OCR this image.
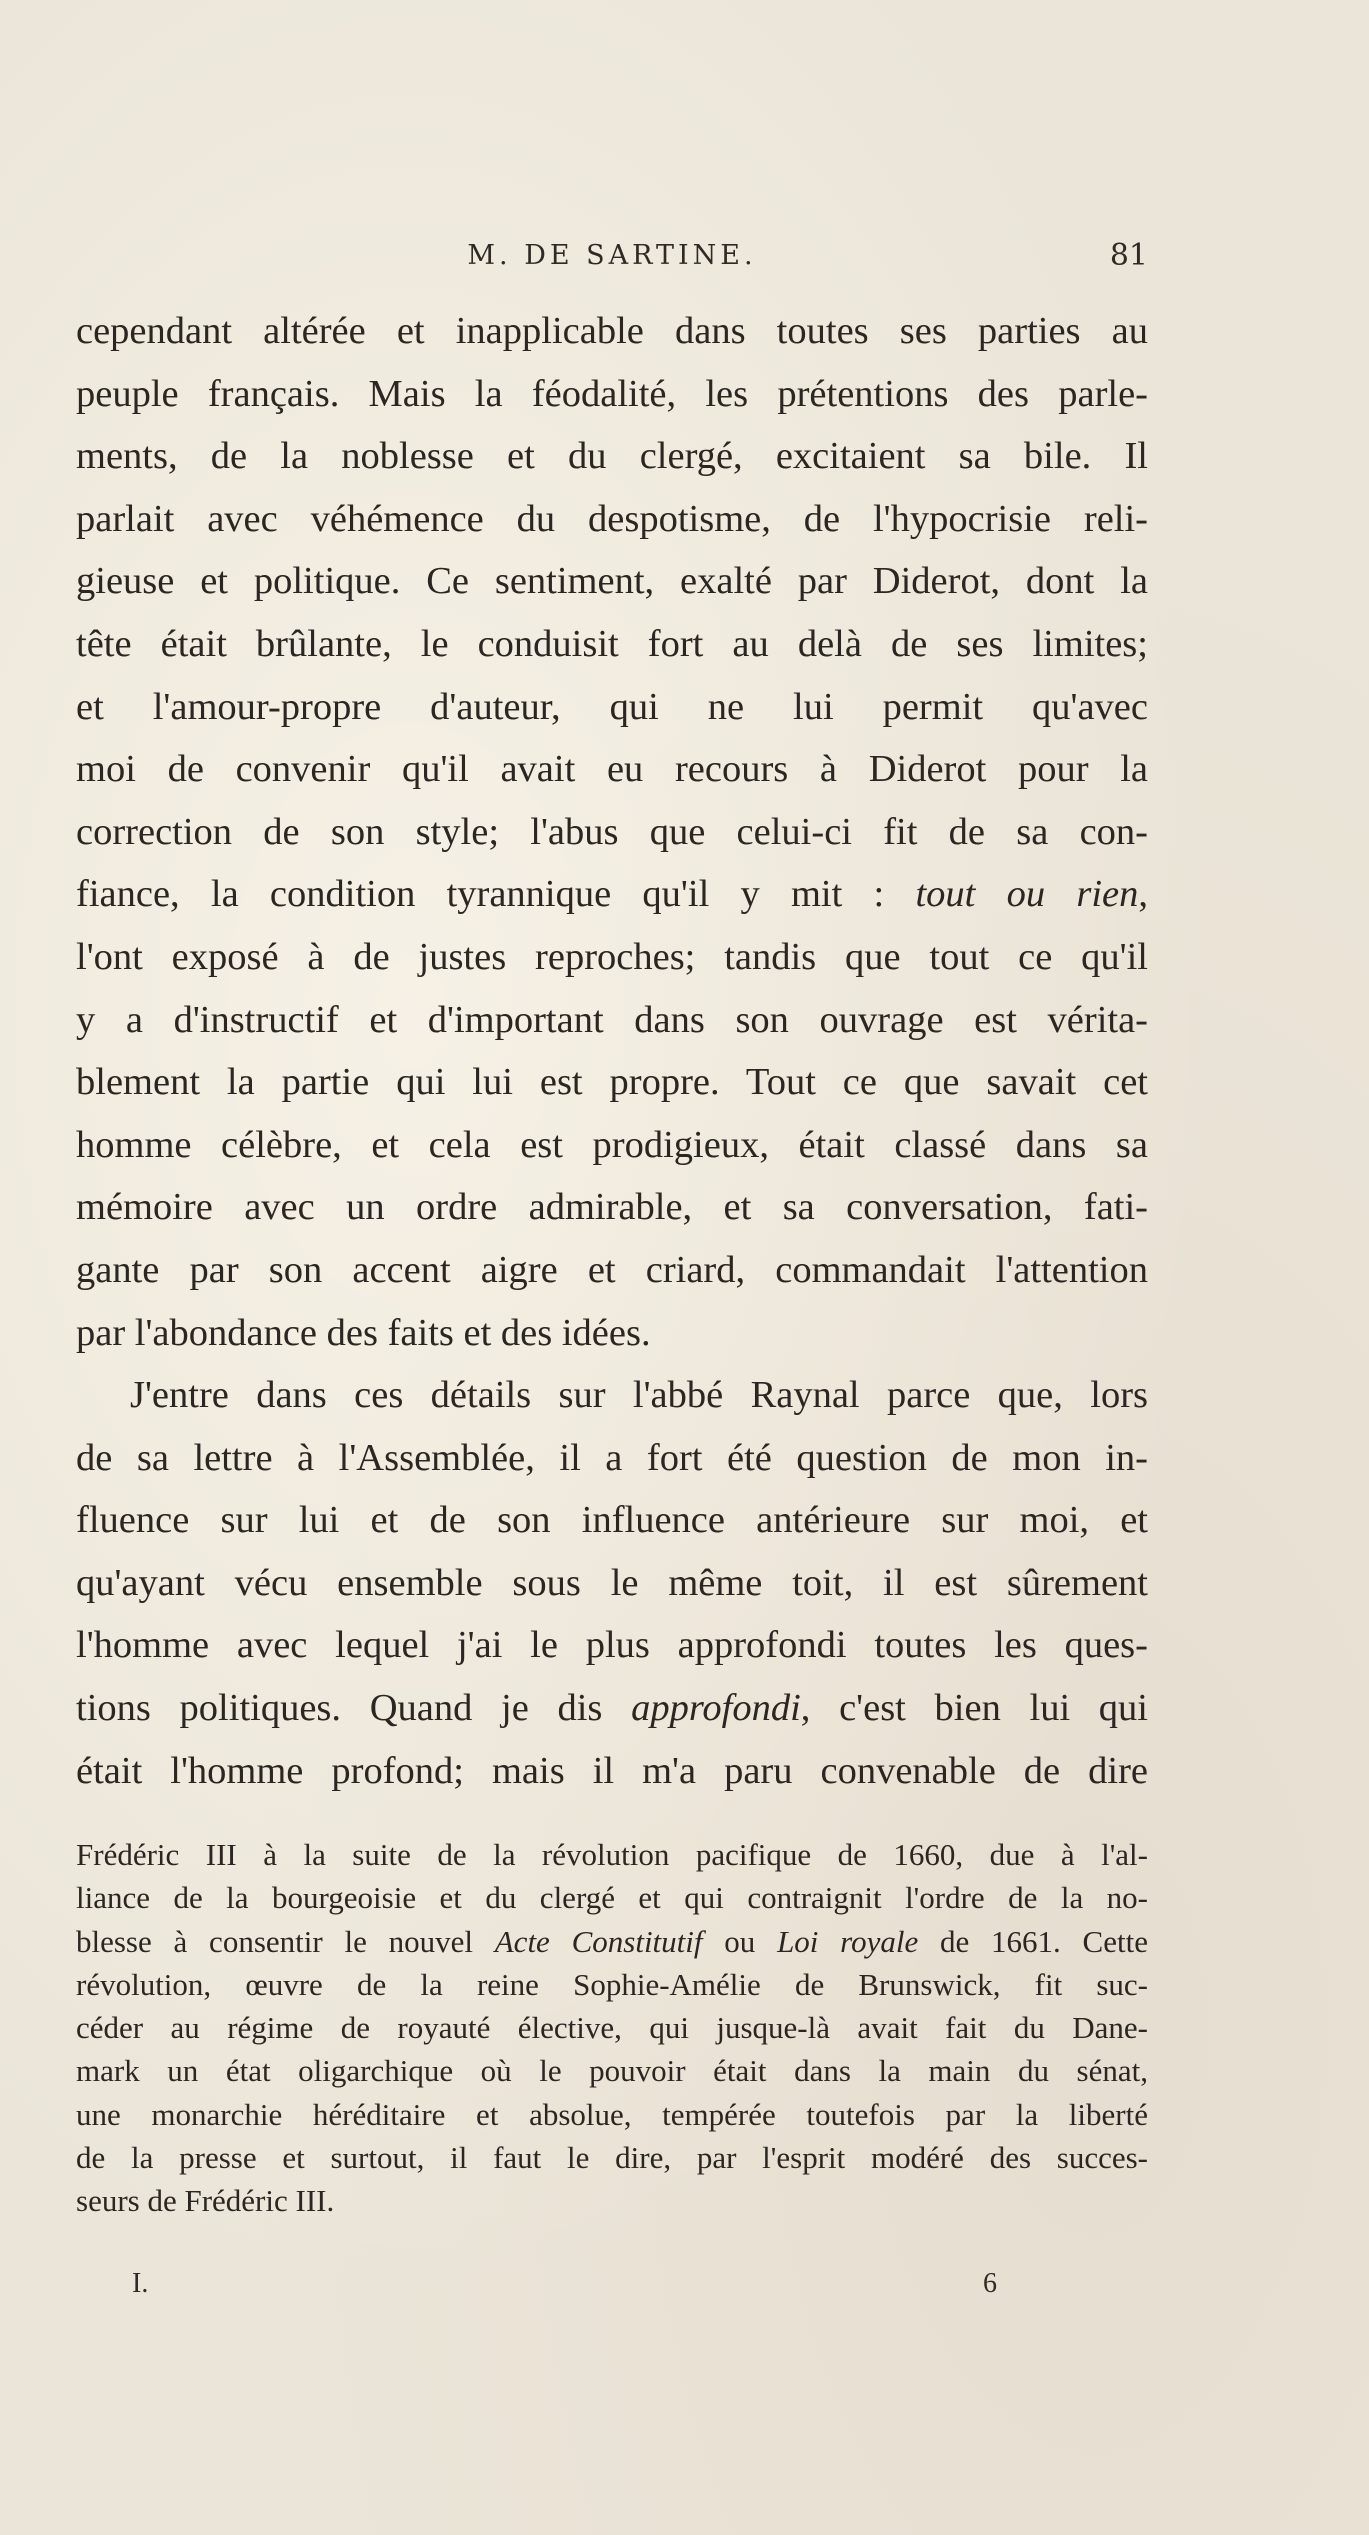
M. DE SARTINE.	81
cependant altérée et inapplicable dans toutes ses parties au
peuple français. Mais la féodalité, les prétentions des parle-
ments, de la noblesse et du clergé, excitaient sa bile. Il
parlait avec véhémence du despotisme, de l'hypocrisie reli-
gieuse et politique. Ce sentiment, exalté par Diderot, dont la
tête était brûlante, le conduisit fort au delà de ses limites;
et l'amour-propre d'auteur, qui ne lui permit qu'avec
moi de convenir qu'il avait eu recours à Diderot pour la
correction de son style; l'abus que celui-ci fit de sa con-
fiance, la condition tyrannique qu'il y mit : tout ou rien,
l'ont exposé à de justes reproches; tandis que tout ce qu'il
y a d'instructif et d'important dans son ouvrage est vérita-
blement la partie qui lui est propre. Tout ce que savait cet
homme célèbre, et cela est prodigieux, était classé dans sa
mémoire avec un ordre admirable, et sa conversation, fati-
gante par son accent aigre et criard, commandait l'attention
par l'abondance des faits et des idées.
J'entre dans ces détails sur l'abbé Raynal parce que, lors
de sa lettre à l'Assemblée, il a fort été question de mon in-
fluence sur lui et de son influence antérieure sur moi, et
qu'ayant vécu ensemble sous le même toit, il est sûrement
l'homme avec lequel j'ai le plus approfondi toutes les ques-
tions politiques. Quand je dis approfondi, c'est bien lui qui
était l'homme profond; mais il m'a paru convenable de dire
Frédéric III à la suite de la révolution pacifique de 1660, due à l'al-
liance de la bourgeoisie et du clergé et qui contraignit l'ordre de la no-
blesse à consentir le nouvel Acte Constitutif ou Loi royale de 1661. Cette
révolution, œuvre de la reine Sophie-Amélie de Brunswick, fit suc-
céder au régime de royauté élective, qui jusque-là avait fait du Dane-
mark un état oligarchique où le pouvoir était dans la main du sénat,
une monarchie héréditaire et absolue, tempérée toutefois par la liberté
de la presse et surtout, il faut le dire, par l'esprit modéré des succes-
seurs de Frédéric III.
I.	6
